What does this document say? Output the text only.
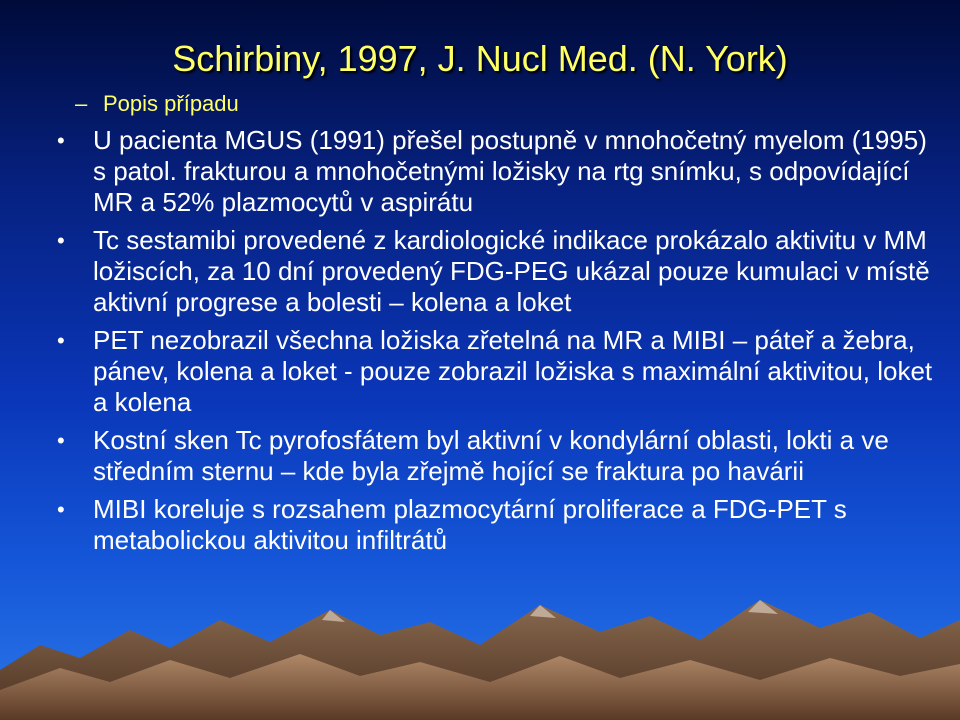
Schirbiny, 1997, J. Nucl Med. (N. York)
– Popis případu
• U pacienta MGUS (1991) přešel postupně v mnohočetný myelom (1995) s patol. frakturou a mnohočetnými ložisky na rtg snímku, s odpovídající MR a 52% plazmocytů v aspirátu
• Tc sestamibi provedené z kardiologické indikace prokázalo aktivitu v MM ložiscích, za 10 dní provedený FDG-PEG ukázal pouze kumulaci v místě aktivní progrese a bolesti – kolena a loket
• PET nezobrazil všechna ložiska zřetelná na MR a MIBI – páteř a žebra, pánev, kolena a loket - pouze zobrazil ložiska s maximální aktivitou, loket a kolena
• Kostní sken Tc pyrofosfátem byl aktivní v kondylární oblasti, lokti a ve středním sternu – kde byla zřejmě hojící se fraktura po havárii
• MIBI koreluje s rozsahem plazmocytární proliferace a FDG-PET s metabolickou aktivitou infiltrátů
